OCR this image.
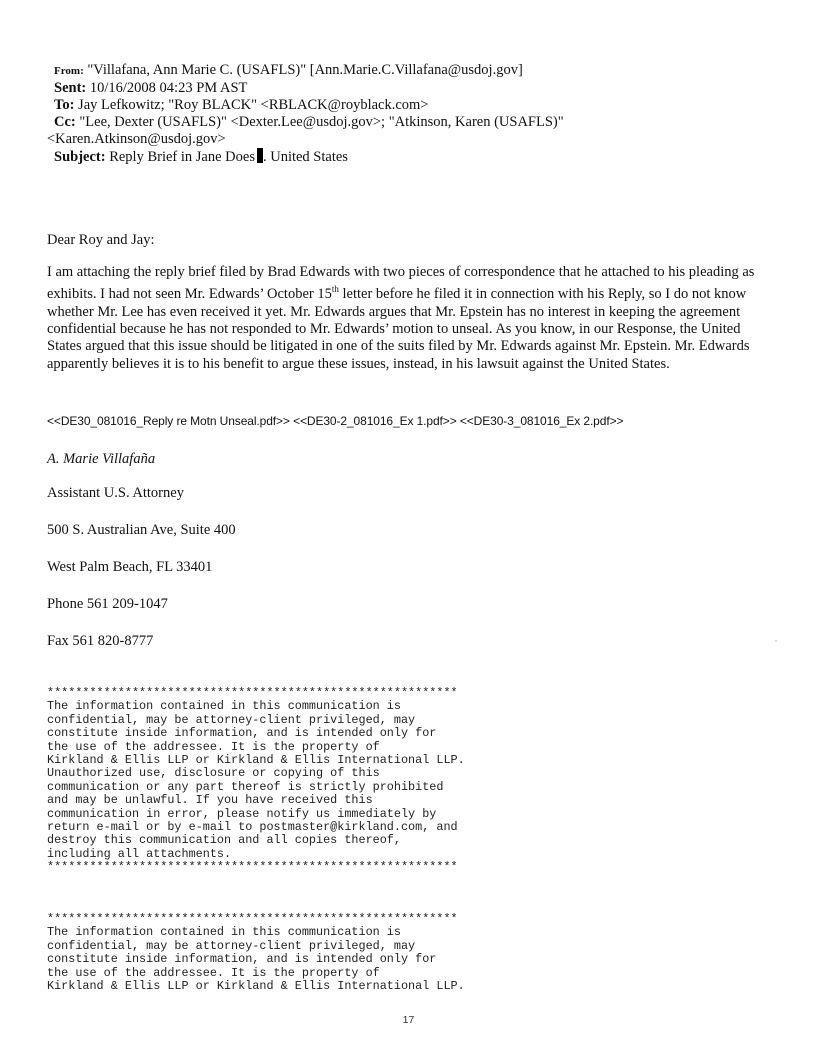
From: "Villafana, Ann Marie C. (USAFLS)" [Ann.Marie.C.Villafana@usdoj.gov]
Sent: 10/16/2008 04:23 PM AST
To: Jay Lefkowitz; "Roy BLACK" <RBLACK@royblack.com>
Cc: "Lee, Dexter (USAFLS)" <Dexter.Lee@usdoj.gov>; "Atkinson, Karen (USAFLS)"
<Karen.Atkinson@usdoj.gov>
Subject: Reply Brief in Jane Does . United States
Dear Roy and Jay:
I am attaching the reply brief filed by Brad Edwards with two pieces of correspondence that he attached to his pleading as exhibits. I had not seen Mr. Edwards’ October 15th letter before he filed it in connection with his Reply, so I do not know whether Mr. Lee has even received it yet. Mr. Edwards argues that Mr. Epstein has no interest in keeping the agreement confidential because he has not responded to Mr. Edwards’ motion to unseal. As you know, in our Response, the United States argued that this issue should be litigated in one of the suits filed by Mr. Edwards against Mr. Epstein. Mr. Edwards apparently believes it is to his benefit to argue these issues, instead, in his lawsuit against the United States.
<<DE30_081016_Reply re Motn Unseal.pdf>> <<DE30-2_081016_Ex 1.pdf>> <<DE30-3_081016_Ex 2.pdf>>
A. Marie Villafaña
Assistant U.S. Attorney
500 S. Australian Ave, Suite 400
West Palm Beach, FL 33401
Phone 561 209-1047
Fax 561 820-8777
**********************************************************
The information contained in this communication is
confidential, may be attorney-client privileged, may
constitute inside information, and is intended only for
the use of the addressee. It is the property of
Kirkland & Ellis LLP or Kirkland & Ellis International LLP.
Unauthorized use, disclosure or copying of this
communication or any part thereof is strictly prohibited
and may be unlawful. If you have received this
communication in error, please notify us immediately by
return e-mail or by e-mail to postmaster@kirkland.com, and
destroy this communication and all copies thereof,
including all attachments.
**********************************************************
**********************************************************
The information contained in this communication is
confidential, may be attorney-client privileged, may
constitute inside information, and is intended only for
the use of the addressee. It is the property of
Kirkland & Ellis LLP or Kirkland & Ellis International LLP.
17
